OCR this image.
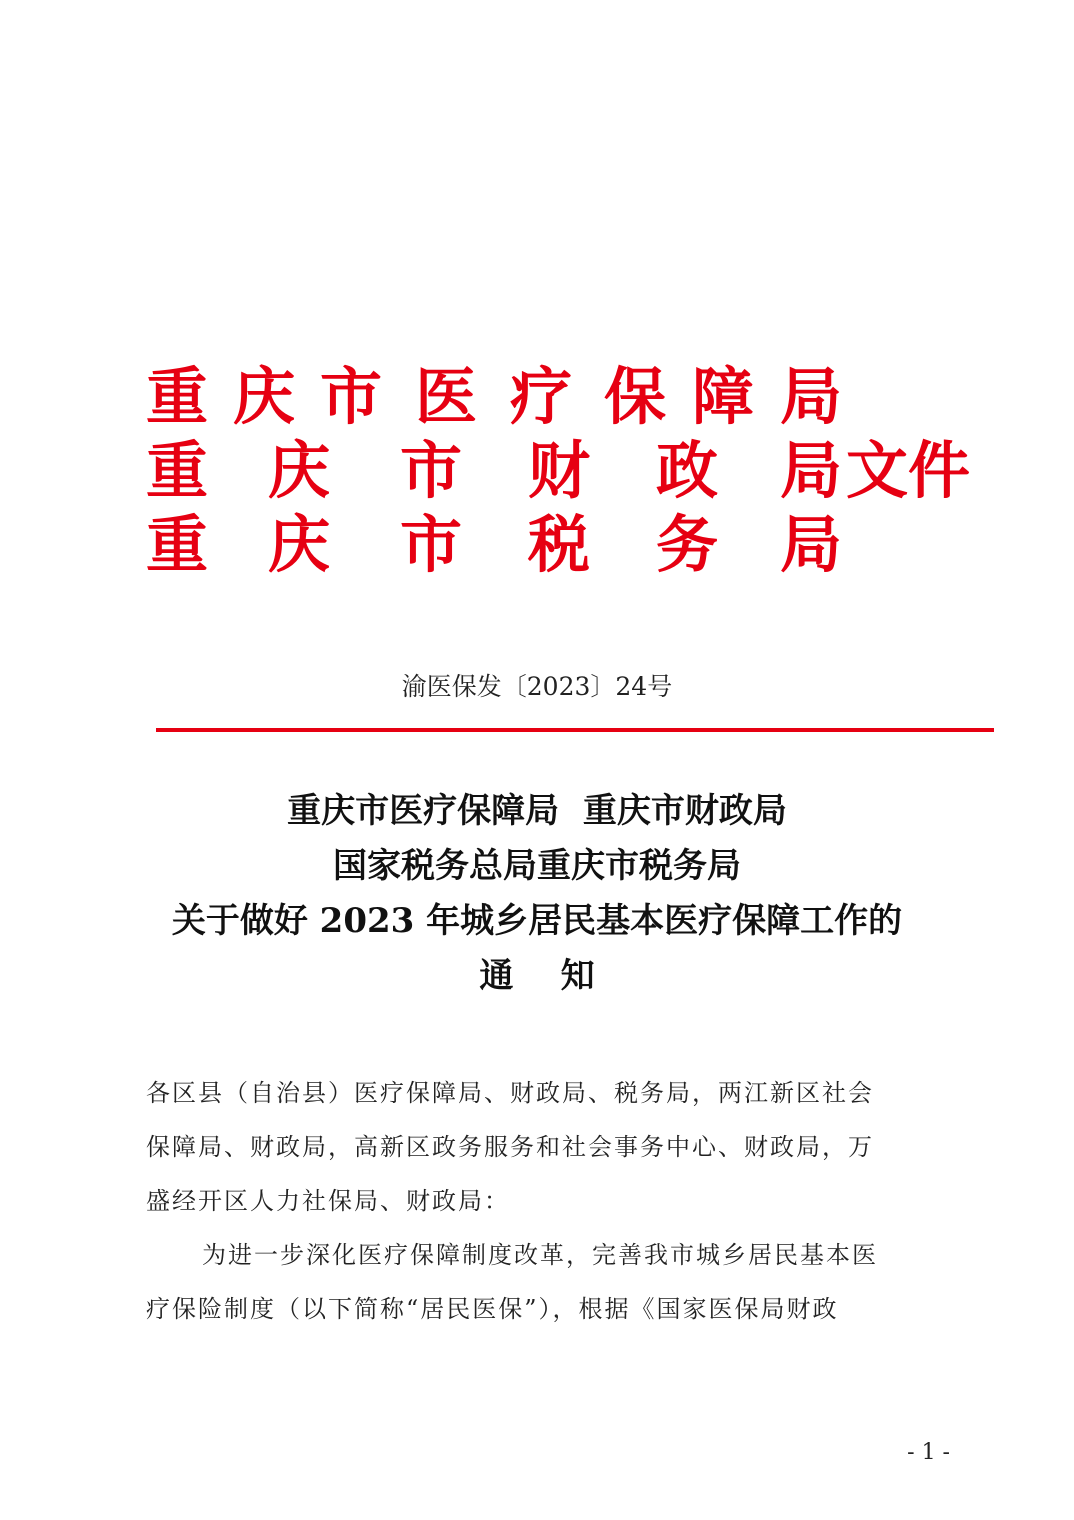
重 庆 市 医 疗 保 障 局
重 庆 市 财 政 局 文件
重 庆 市 税 务 局
渝医保发〔2023〕24号
重庆市医疗保障局  重庆市财政局
国家税务总局重庆市税务局
关于做好 2023 年城乡居民基本医疗保障工作的
通    知

各区县（自治县）医疗保障局、财政局、税务局，两江新区社会

保障局、财政局，高新区政务服务和社会事务中心、财政局，万

盛经开区人力社保局、财政局：

为进一步深化医疗保障制度改革，完善我市城乡居民基本医

疗保险制度（以下简称“居民医保”），根据《国家医保局财政

- 1 -
